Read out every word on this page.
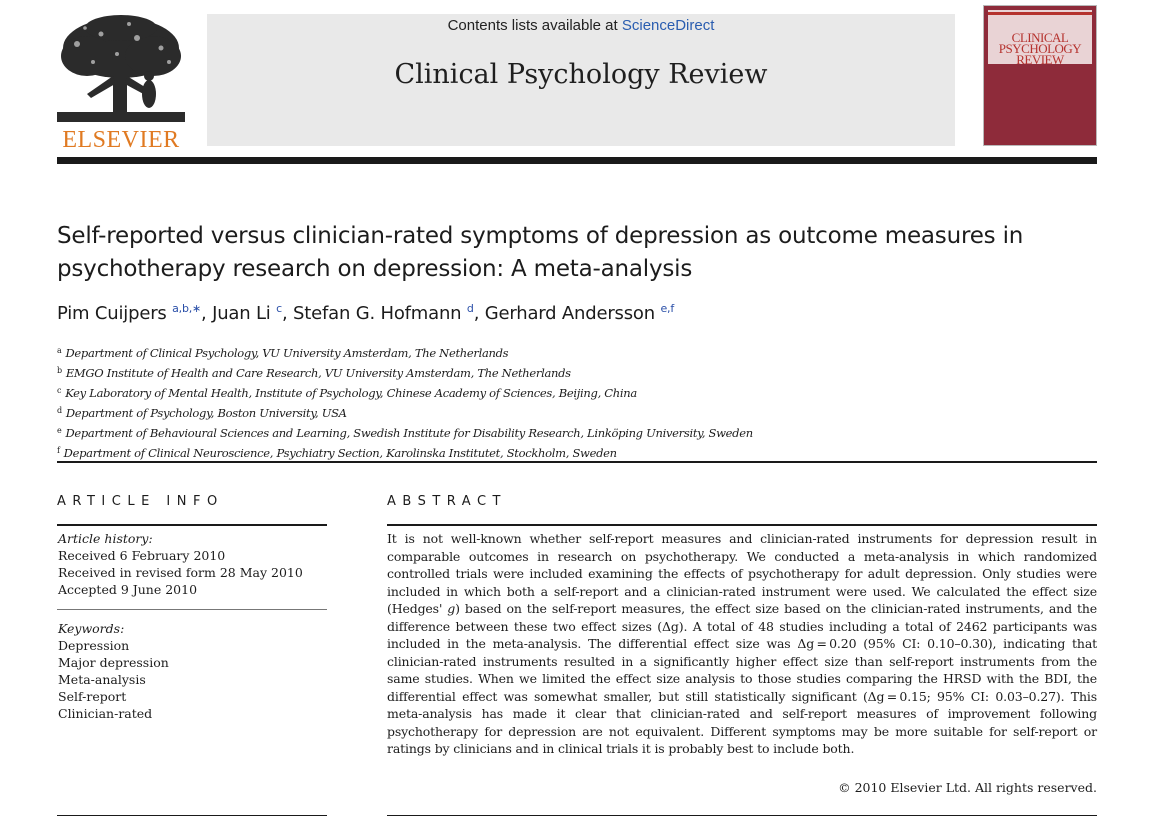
ELSEVIER
Contents lists available at ScienceDirect
Clinical Psychology Review
CLINICAL
PSYCHOLOGY
REVIEW
Self-reported versus clinician-rated symptoms of depression as outcome measures in psychotherapy research on depression: A meta-analysis
Pim Cuijpers $^{a,b,∗}$, Juan Li $^c$, Stefan G. Hofmann $^d$, Gerhard Andersson $^{e,f}$
$^a$ Department of Clinical Psychology, VU University Amsterdam, The Netherlands
$^b$ EMGO Institute of Health and Care Research, VU University Amsterdam, The Netherlands
$^c$ Key Laboratory of Mental Health, Institute of Psychology, Chinese Academy of Sciences, Beijing, China
$^d$ Department of Psychology, Boston University, USA
$^e$ Department of Behavioural Sciences and Learning, Swedish Institute for Disability Research, Linköping University, Sweden
$^f$ Department of Clinical Neuroscience, Psychiatry Section, Karolinska Institutet, Stockholm, Sweden
ARTICLE INFO
Article history:
Received 6 February 2010
Received in revised form 28 May 2010
Accepted 9 June 2010
Keywords:
Depression
Major depression
Meta-analysis
Self-report
Clinician-rated
ABSTRACT
It is not well-known whether self-report measures and clinician-rated instruments for depression result in comparable outcomes in research on psychotherapy. We conducted a meta-analysis in which randomized controlled trials were included examining the effects of psychotherapy for adult depression. Only studies were included in which both a self-report and a clinician-rated instrument were used. We calculated the effect size (Hedges' g) based on the self-report measures, the effect size based on the clinician-rated instruments, and the difference between these two effect sizes (Δg). A total of 48 studies including a total of 2462 participants was included in the meta-analysis. The differential effect size was Δg = 0.20 (95% CI: 0.10–0.30), indicating that clinician-rated instruments resulted in a significantly higher effect size than self-report instruments from the same studies. When we limited the effect size analysis to those studies comparing the HRSD with the BDI, the differential effect was somewhat smaller, but still statistically significant (Δg = 0.15; 95% CI: 0.03–0.27). This meta-analysis has made it clear that clinician-rated and self-report measures of improvement following psychotherapy for depression are not equivalent. Different symptoms may be more suitable for self-report or ratings by clinicians and in clinical trials it is probably best to include both.
© 2010 Elsevier Ltd. All rights reserved.
